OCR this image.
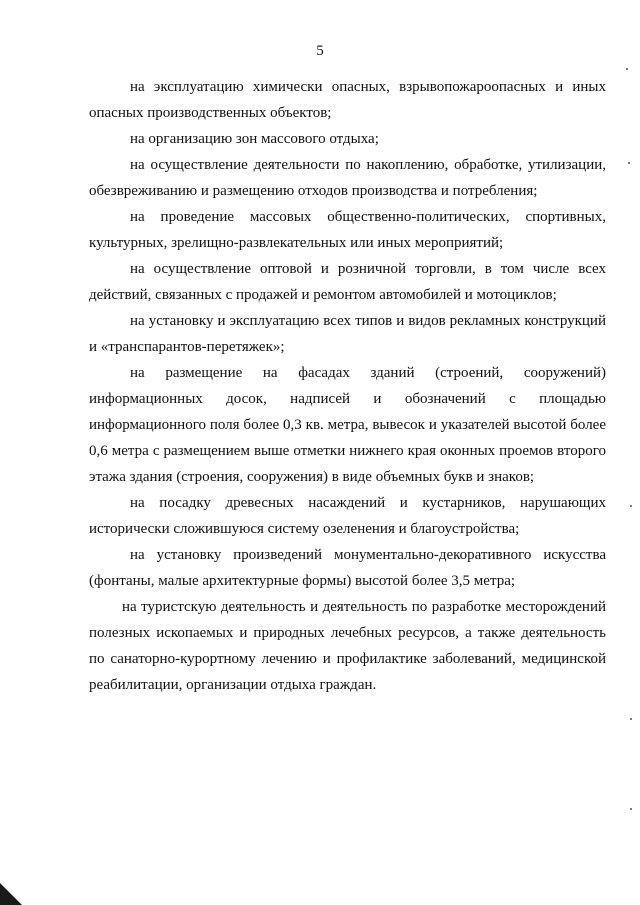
5

на эксплуатацию химически опасных, взрывопожароопасных и иных опасных производственных объектов;

на организацию зон массового отдыха;

на осуществление деятельности по накоплению, обработке, утилизации, обезвреживанию и размещению отходов производства и потребления;

на проведение массовых общественно-политических, спортивных, культурных, зрелищно-развлекательных или иных мероприятий;

на осуществление оптовой и розничной торговли, в том числе всех действий, связанных с продажей и ремонтом автомобилей и мотоциклов;

на установку и эксплуатацию всех типов и видов рекламных конструкций и «транспарантов-перетяжек»;

на размещение на фасадах зданий (строений, сооружений) информационных досок, надписей и обозначений с площадью информационного поля более 0,3 кв. метра, вывесок и указателей высотой более 0,6 метра с размещением выше отметки нижнего края оконных проемов второго этажа здания (строения, сооружения) в виде объемных букв и знаков;

на посадку древесных насаждений и кустарников, нарушающих исторически сложившуюся систему озеленения и благоустройства;

на установку произведений монументально-декоративного искусства (фонтаны, малые архитектурные формы) высотой более 3,5 метра;

на туристскую деятельность и деятельность по разработке месторождений полезных ископаемых и природных лечебных ресурсов, а также деятельность по санаторно-курортному лечению и профилактике заболеваний, медицинской реабилитации, организации отдыха граждан.
